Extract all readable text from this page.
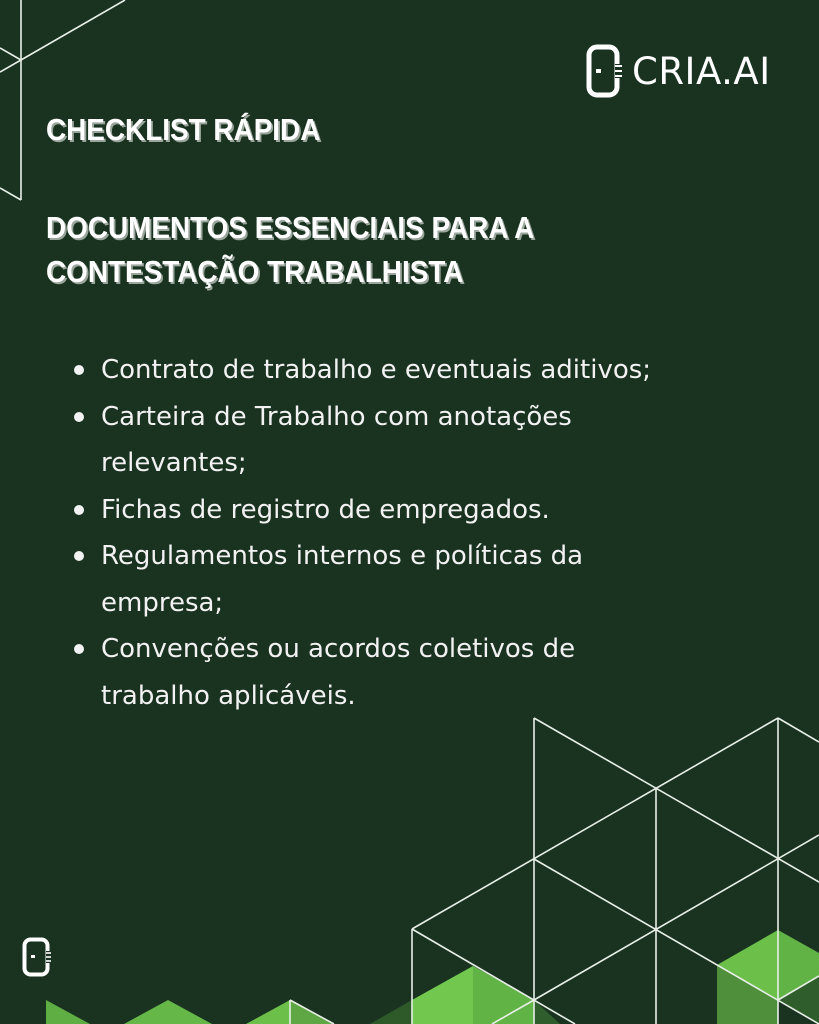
CRIA.AI
CHECKLIST RÁPIDA
DOCUMENTOS ESSENCIAIS PARA A
CONTESTAÇÃO TRABALHISTA
Contrato de trabalho e eventuais aditivos;
Carteira de Trabalho com anotações relevantes;
Fichas de registro de empregados.
Regulamentos internos e políticas da empresa;
Convenções ou acordos coletivos de trabalho aplicáveis.
